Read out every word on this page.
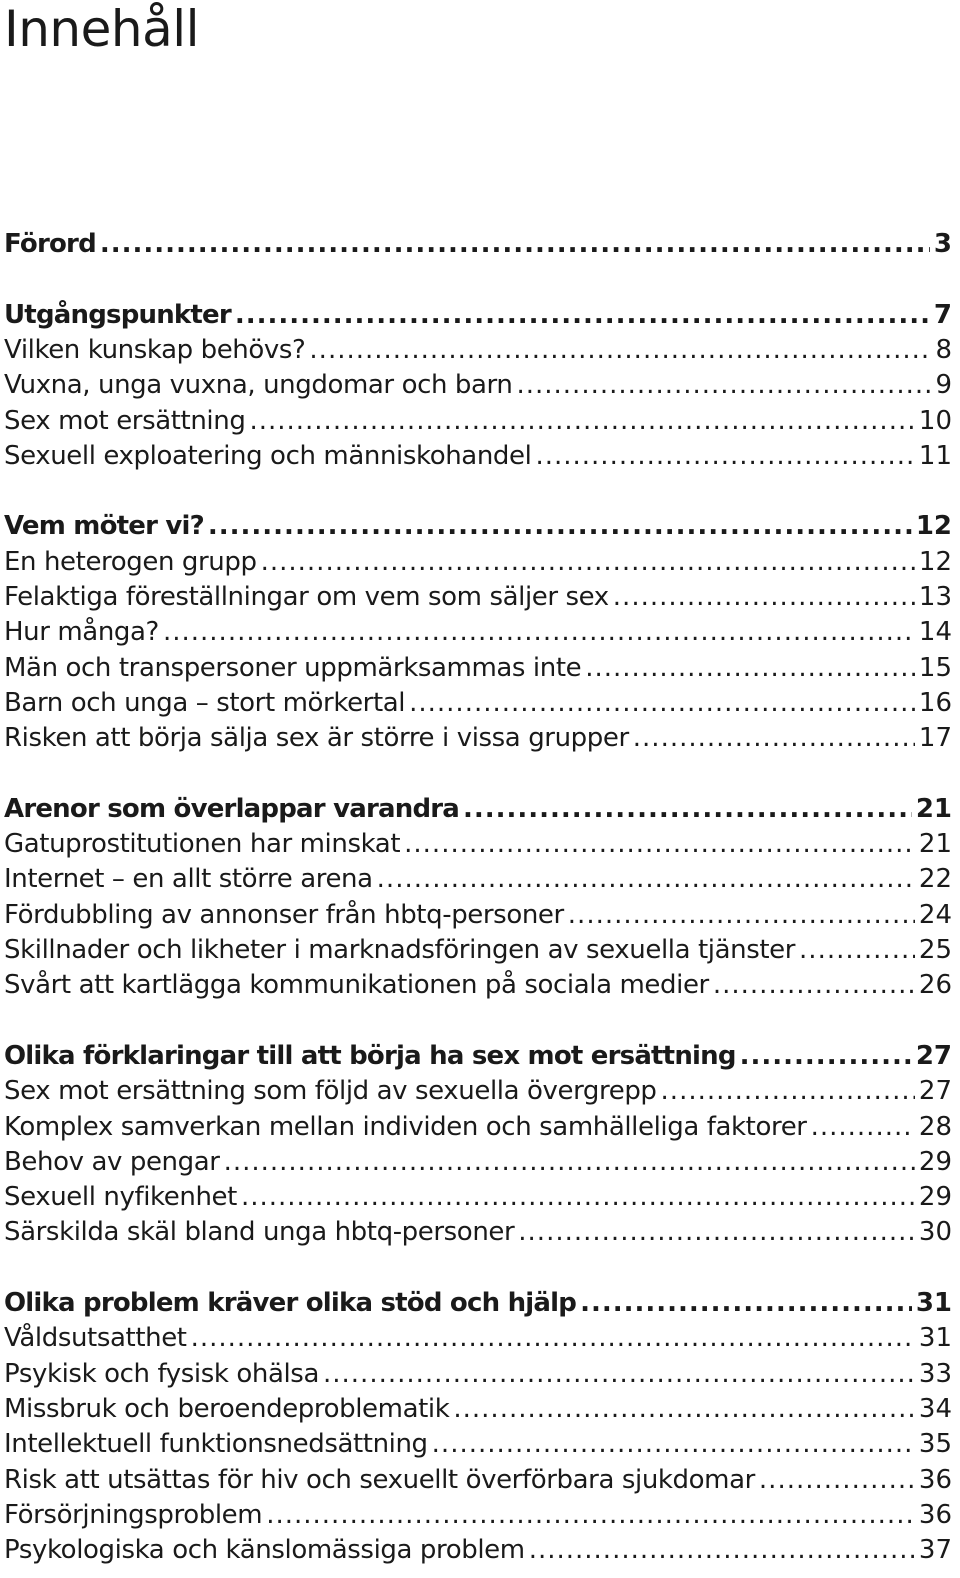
Innehåll
Förord .....	3
Utgångspunkter .....	7
Vilken kunskap behövs? .....	8
Vuxna, unga vuxna, ungdomar och barn .....	9
Sex mot ersättning .....	10
Sexuell exploatering och människohandel .....	11
Vem möter vi? .....	12
En heterogen grupp .....	12
Felaktiga föreställningar om vem som säljer sex .....	13
Hur många? .....	14
Män och transpersoner uppmärksammas inte .....	15
Barn och unga – stort mörkertal .....	16
Risken att börja sälja sex är större i vissa grupper .....	17
Arenor som överlappar varandra .....	21
Gatuprostitutionen har minskat .....	21
Internet – en allt större arena .....	22
Fördubbling av annonser från hbtq-personer .....	24
Skillnader och likheter i marknadsföringen av sexuella tjänster .....	25
Svårt att kartlägga kommunikationen på sociala medier .....	26
Olika förklaringar till att börja ha sex mot ersättning .....	27
Sex mot ersättning som följd av sexuella övergrepp .....	27
Komplex samverkan mellan individen och samhälleliga faktorer .....	28
Behov av pengar .....	29
Sexuell nyfikenhet .....	29
Särskilda skäl bland unga hbtq-personer .....	30
Olika problem kräver olika stöd och hjälp .....	31
Våldsutsatthet .....	31
Psykisk och fysisk ohälsa .....	33
Missbruk och beroendeproblematik .....	34
Intellektuell funktionsnedsättning .....	35
Risk att utsättas för hiv och sexuellt överförbara sjukdomar .....	36
Försörjningsproblem .....	36
Psykologiska och känslomässiga problem .....	37
